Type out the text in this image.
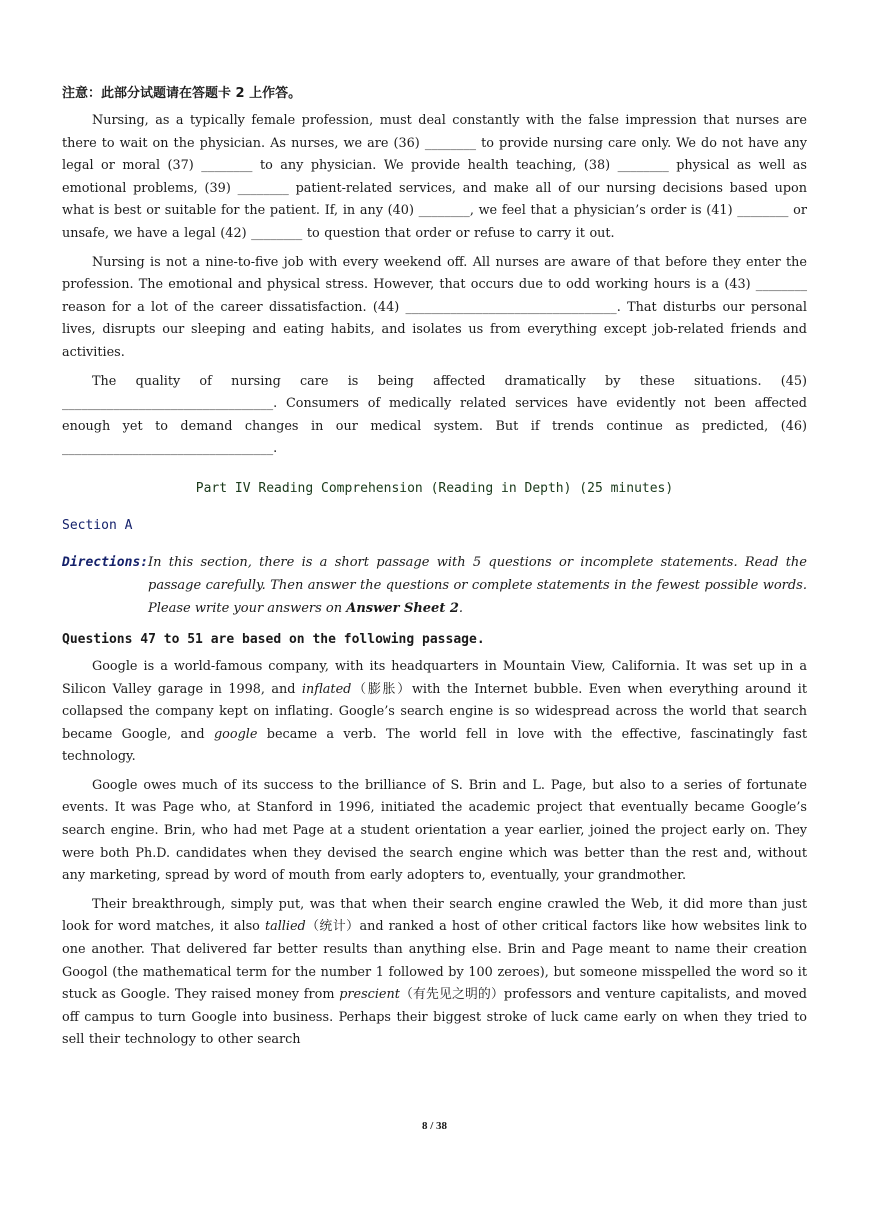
注意：此部分试题请在答题卡 2 上作答。

Nursing, as a typically female profession, must deal constantly with the false impression that nurses are there to wait on the physician. As nurses, we are (36) ________ to provide nursing care only. We do not have any legal or moral (37) ________ to any physician. We provide health teaching, (38) ________ physical as well as emotional problems, (39) ________ patient-related services, and make all of our nursing decisions based upon what is best or suitable for the patient. If, in any (40) ________, we feel that a physician’s order is (41) ________ or unsafe, we have a legal (42) ________ to question that order or refuse to carry it out.

Nursing is not a nine-to-five job with every weekend off. All nurses are aware of that before they enter the profession. The emotional and physical stress. However, that occurs due to odd working hours is a (43) ________ reason for a lot of the career dissatisfaction. (44) _________________________________. That disturbs our personal lives, disrupts our sleeping and eating habits, and isolates us from everything except job-related friends and activities.

The quality of nursing care is being affected dramatically by these situations. (45) _________________________________. Consumers of medically related services have evidently not been affected enough yet to demand changes in our medical system. But if trends continue as predicted, (46) _________________________________.

Part IV Reading Comprehension (Reading in Depth) (25 minutes)
Section A
Directions: In this section, there is a short passage with 5 questions or incomplete statements. Read the passage carefully. Then answer the questions or complete statements in the fewest possible words. Please write your answers on Answer Sheet 2.
Questions 47 to 51 are based on the following passage.

Google is a world-famous company, with its headquarters in Mountain View, California. It was set up in a Silicon Valley garage in 1998, and inflated（膨胀）with the Internet bubble. Even when everything around it collapsed the company kept on inflating. Google’s search engine is so widespread across the world that search became Google, and google became a verb. The world fell in love with the effective, fascinatingly fast technology.

Google owes much of its success to the brilliance of S. Brin and L. Page, but also to a series of fortunate events. It was Page who, at Stanford in 1996, initiated the academic project that eventually became Google’s search engine. Brin, who had met Page at a student orientation a year earlier, joined the project early on. They were both Ph.D. candidates when they devised the search engine which was better than the rest and, without any marketing, spread by word of mouth from early adopters to, eventually, your grandmother.

Their breakthrough, simply put, was that when their search engine crawled the Web, it did more than just look for word matches, it also tallied（统计）and ranked a host of other critical factors like how websites link to one another. That delivered far better results than anything else. Brin and Page meant to name their creation Googol (the mathematical term for the number 1 followed by 100 zeroes), but someone misspelled the word so it stuck as Google. They raised money from prescient（有先见之明的）professors and venture capitalists, and moved off campus to turn Google into business. Perhaps their biggest stroke of luck came early on when they tried to sell their technology to other search

8 / 38
